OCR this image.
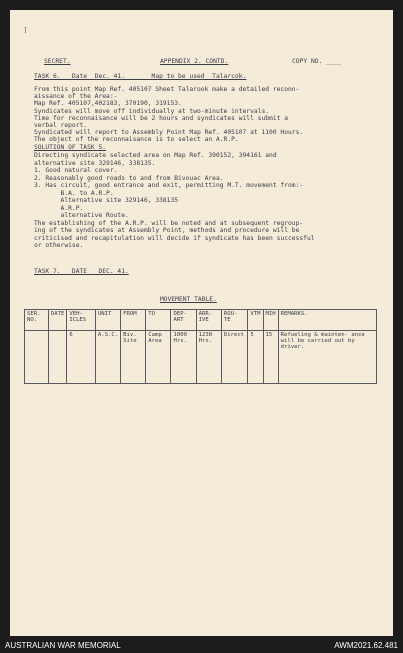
⁝
SECRET.	APPENDIX 2. CONTD.	COPY NO. ____
TASK 6.   Date  Dec. 41.       Map to be used  Talarcok.
From this point Map Ref. 405107 Sheet Talarook make a detailed reconn-
aissance of the Area:-
Map Ref. 405107,402183, 370190, 319153.
Syndicates will move off individually at two-minute intervals.
Time for reconnaisance will be 2 hours and syndicates will submit a
verbal report.
Syndicated will report to Assembly Point Map Ref. 405107 at 1100 Hours.
The object of the reconnaisance is to select an A.R.P.
SOLUTION OF TASK 5.
Directing syndicate selected area on Map Ref. 390152, 394161 and
alternative site 329146, 338135.
1. Good natural cover.
2. Reasonably good roads to and from Bivouac Area.
3. Has circuit, good entrance and exit, permitting M.T. movement from:-
B.A. to A.R.P.
Alternative site 329146, 338135
A.R.P.
alternative Route.
The establishing of the A.R.P. will be noted and at subsequent regroup-
ing of the syndicates at Assembly Point, methods and procedure will be
criticised and recapitulation will decide if syndicate has been successful
or otherwise.
TASK 7.   DATE   DEC. 41.
MOVEMENT TABLE.
SER. NO.	DATE	VEH- ICLES	UNIT	FROM	TO	DEP- ART	ARR- IVE	ROU- TE	VTM	MIH	REMARKS.
		6	A.S.C.	Biv. Site	Camp Area	1000 Hrs.	1230 Hrs.	Direct	5	15	Refueling & mainten- ance will be carried out by driver.
AUSTRALIAN WAR MEMORIAL	AWM2021.62.481
